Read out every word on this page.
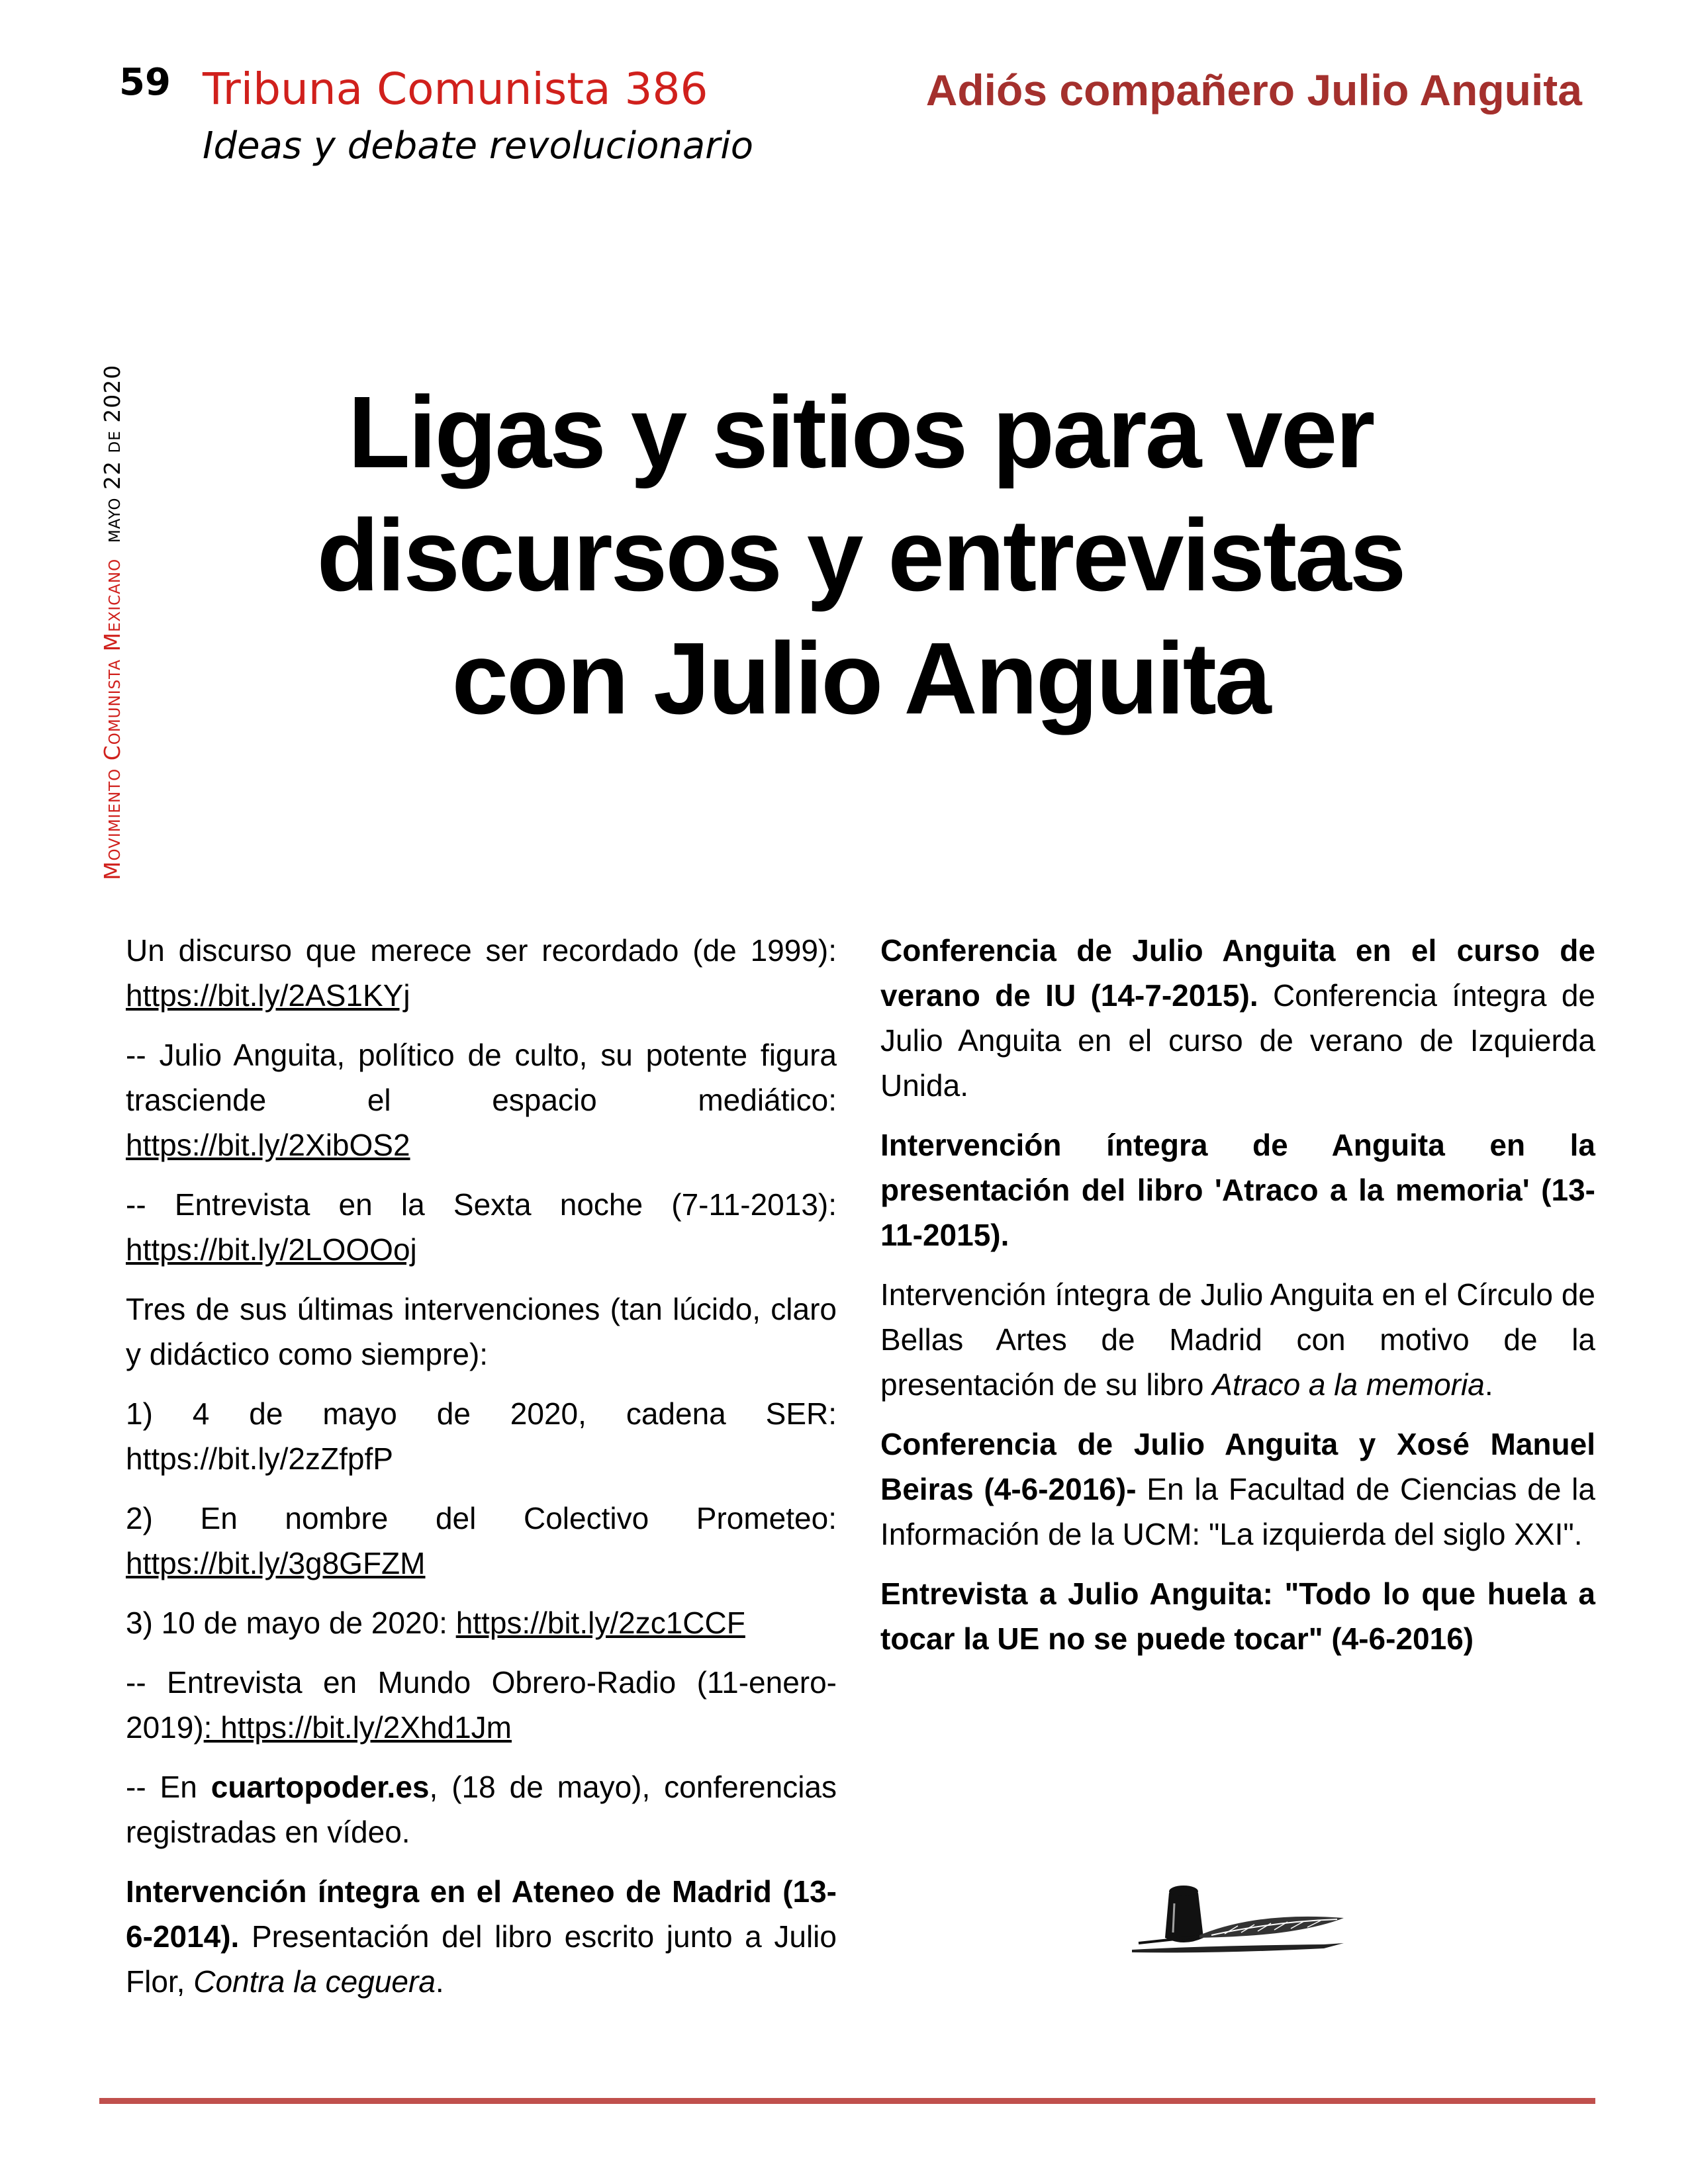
59 Tribuna Comunista 386
Ideas y debate revolucionario
Adiós compañero Julio Anguita
Movimiento Comunista Mexicano mayo 22 de 2020	Ligas y sitios para ver
discursos y entrevistas
con Julio Anguita

Un discurso que merece ser recordado (de 1999): https://bit.ly/2AS1KYj

-- Julio Anguita, político de culto, su potente figura trasciende el espacio mediático: https://bit.ly/2XibOS2

-- Entrevista en la Sexta noche (7-11-2013): https://bit.ly/2LOOOoj

Tres de sus últimas intervenciones (tan lúcido, claro y didáctico como siempre):

1) 4 de mayo de 2020, cadena SER: https://bit.ly/2zZfpfP

2) En nombre del Colectivo Prometeo: https://bit.ly/3g8GFZM

3) 10 de mayo de 2020: https://bit.ly/2zc1CCF

-- Entrevista en Mundo Obrero-Radio (11-enero-2019): https://bit.ly/2Xhd1Jm

-- En cuartopoder.es, (18 de mayo), conferencias registradas en vídeo.

Intervención íntegra en el Ateneo de Madrid (13-6-2014). Presentación del libro escrito junto a Julio Flor, Contra la ceguera.

Conferencia de Julio Anguita en el curso de verano de IU (14-7-2015). Conferencia íntegra de Julio Anguita en el curso de verano de Izquierda Unida.

Intervención íntegra de Anguita en la presentación del libro 'Atraco a la memoria' (13-11-2015).

Intervención íntegra de Julio Anguita en el Círculo de Bellas Artes de Madrid con motivo de la presentación de su libro Atraco a la memoria.

Conferencia de Julio Anguita y Xosé Manuel Beiras (4-6-2016)- En la Facultad de Ciencias de la Información de la UCM: "La izquierda del siglo XXI".

Entrevista a Julio Anguita: "Todo lo que huela a tocar la UE no se puede tocar" (4-6-2016)
